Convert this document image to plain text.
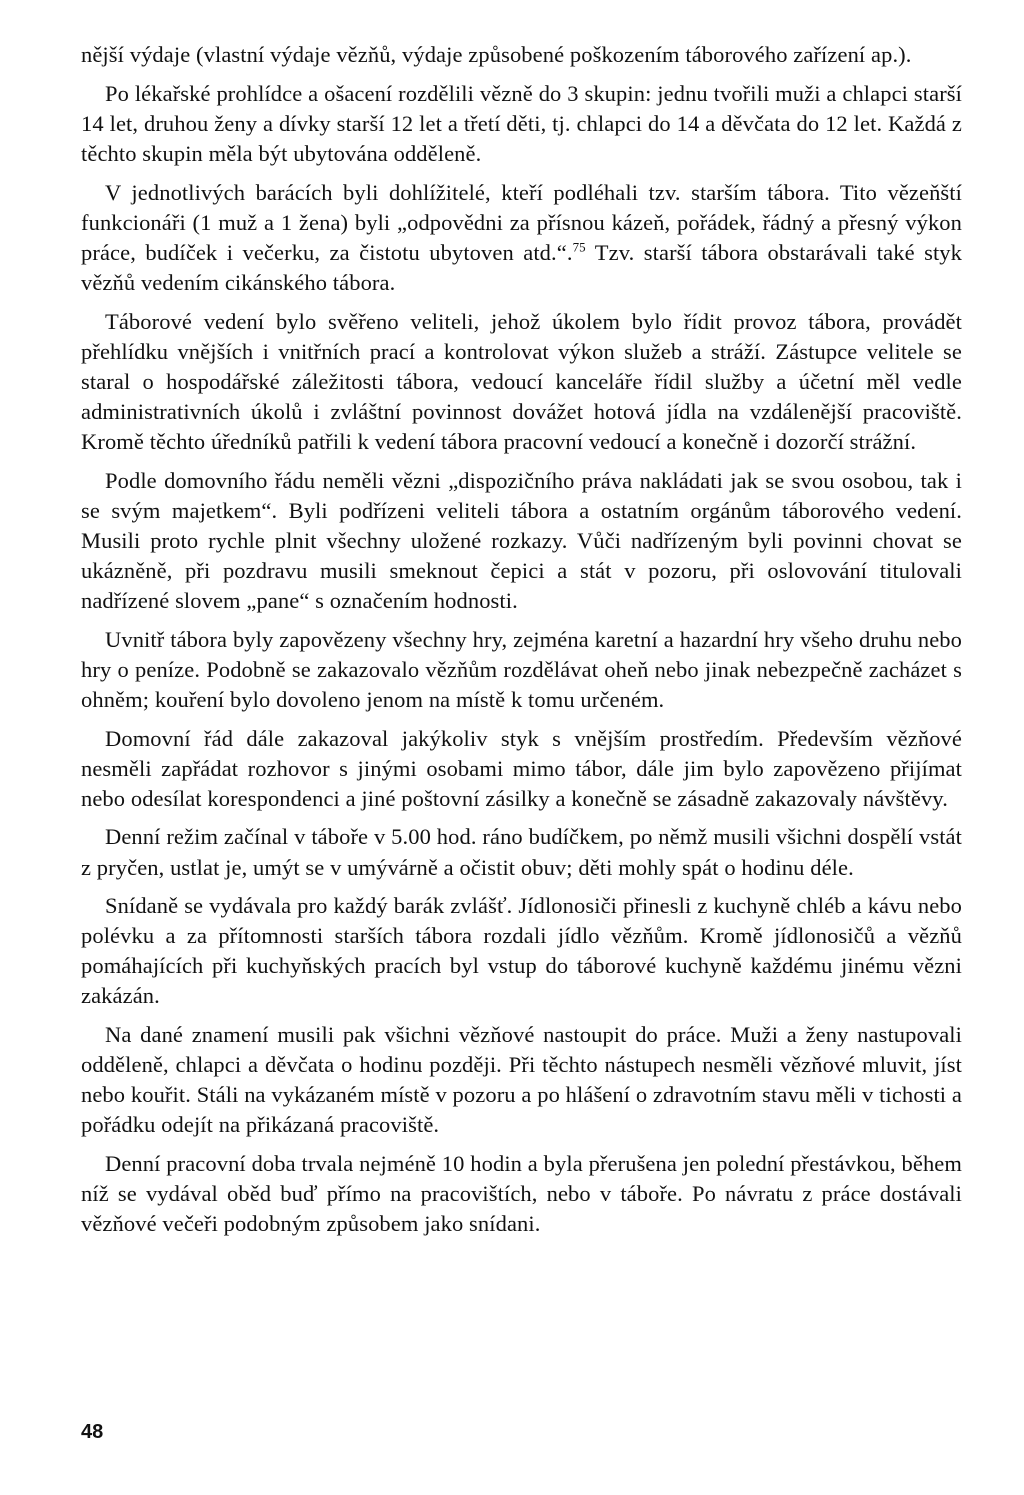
nější výdaje (vlastní výdaje vězňů, výdaje způsobené poškozením táborového zařízení ap.).

Po lékařské prohlídce a ošacení rozdělili vězně do 3 skupin: jednu tvořili muži a chlapci starší 14 let, druhou ženy a dívky starší 12 let a třetí děti, tj. chlapci do 14 a děvčata do 12 let. Každá z těchto skupin měla být ubytována odděleně.

V jednotlivých barácích byli dohlížitelé, kteří podléhali tzv. starším tábora. Tito vězeňští funkcionáři (1 muž a 1 žena) byli „odpovědni za přísnou kázeň, pořádek, řádný a přesný výkon práce, budíček i večerku, za čistotu ubytoven atd.“.$^{75}$ Tzv. starší tábora obstarávali také styk vězňů vedením cikánského tábora.

Táborové vedení bylo svěřeno veliteli, jehož úkolem bylo řídit provoz tábora, provádět přehlídku vnějších i vnitřních prací a kontrolovat výkon služeb a stráží. Zástupce velitele se staral o hospodářské záležitosti tábora, vedoucí kanceláře řídil služby a účetní měl vedle administrativních úkolů i zvláštní povinnost dovážet hotová jídla na vzdálenější pracoviště. Kromě těchto úředníků patřili k vedení tábora pracovní vedoucí a konečně i dozorčí strážní.

Podle domovního řádu neměli vězni „dispozičního práva nakládati jak se svou osobou, tak i se svým majetkem“. Byli podřízeni veliteli tábora a ostatním orgánům táborového vedení. Musili proto rychle plnit všechny uložené rozkazy. Vůči nadřízeným byli povinni chovat se ukázněně, při pozdravu musili smeknout čepici a stát v pozoru, při oslovování titulovali nadřízené slovem „pane“ s označením hodnosti.

Uvnitř tábora byly zapovězeny všechny hry, zejména karetní a hazardní hry všeho druhu nebo hry o peníze. Podobně se zakazovalo vězňům rozdělávat oheň nebo jinak nebezpečně zacházet s ohněm; kouření bylo dovoleno jenom na místě k tomu určeném.

Domovní řád dále zakazoval jakýkoliv styk s vnějším prostředím. Především vězňové nesměli zapřádat rozhovor s jinými osobami mimo tábor, dále jim bylo zapovězeno přijímat nebo odesílat korespondenci a jiné poštovní zásilky a konečně se zásadně zakazovaly návštěvy.

Denní režim začínal v táboře v 5.00 hod. ráno budíčkem, po němž musili všichni dospělí vstát z pryčen, ustlat je, umýt se v umývárně a očistit obuv; děti mohly spát o hodinu déle.

Snídaně se vydávala pro každý barák zvlášť. Jídlonosiči přinesli z kuchyně chléb a kávu nebo polévku a za přítomnosti starších tábora rozdali jídlo vězňům. Kromě jídlonosičů a vězňů pomáhajících při kuchyňských pracích byl vstup do táborové kuchyně každému jinému vězni zakázán.

Na dané znamení musili pak všichni vězňové nastoupit do práce. Muži a ženy nastupovali odděleně, chlapci a děvčata o hodinu později. Při těchto nástupech nesměli vězňové mluvit, jíst nebo kouřit. Stáli na vykázaném místě v pozoru a po hlášení o zdravotním stavu měli v tichosti a pořádku odejít na přikázaná pracoviště.

Denní pracovní doba trvala nejméně 10 hodin a byla přerušena jen polední přestávkou, během níž se vydával oběd buď přímo na pracovištích, nebo v táboře. Po návratu z práce dostávali vězňové večeři podobným způsobem jako snídani.

48
